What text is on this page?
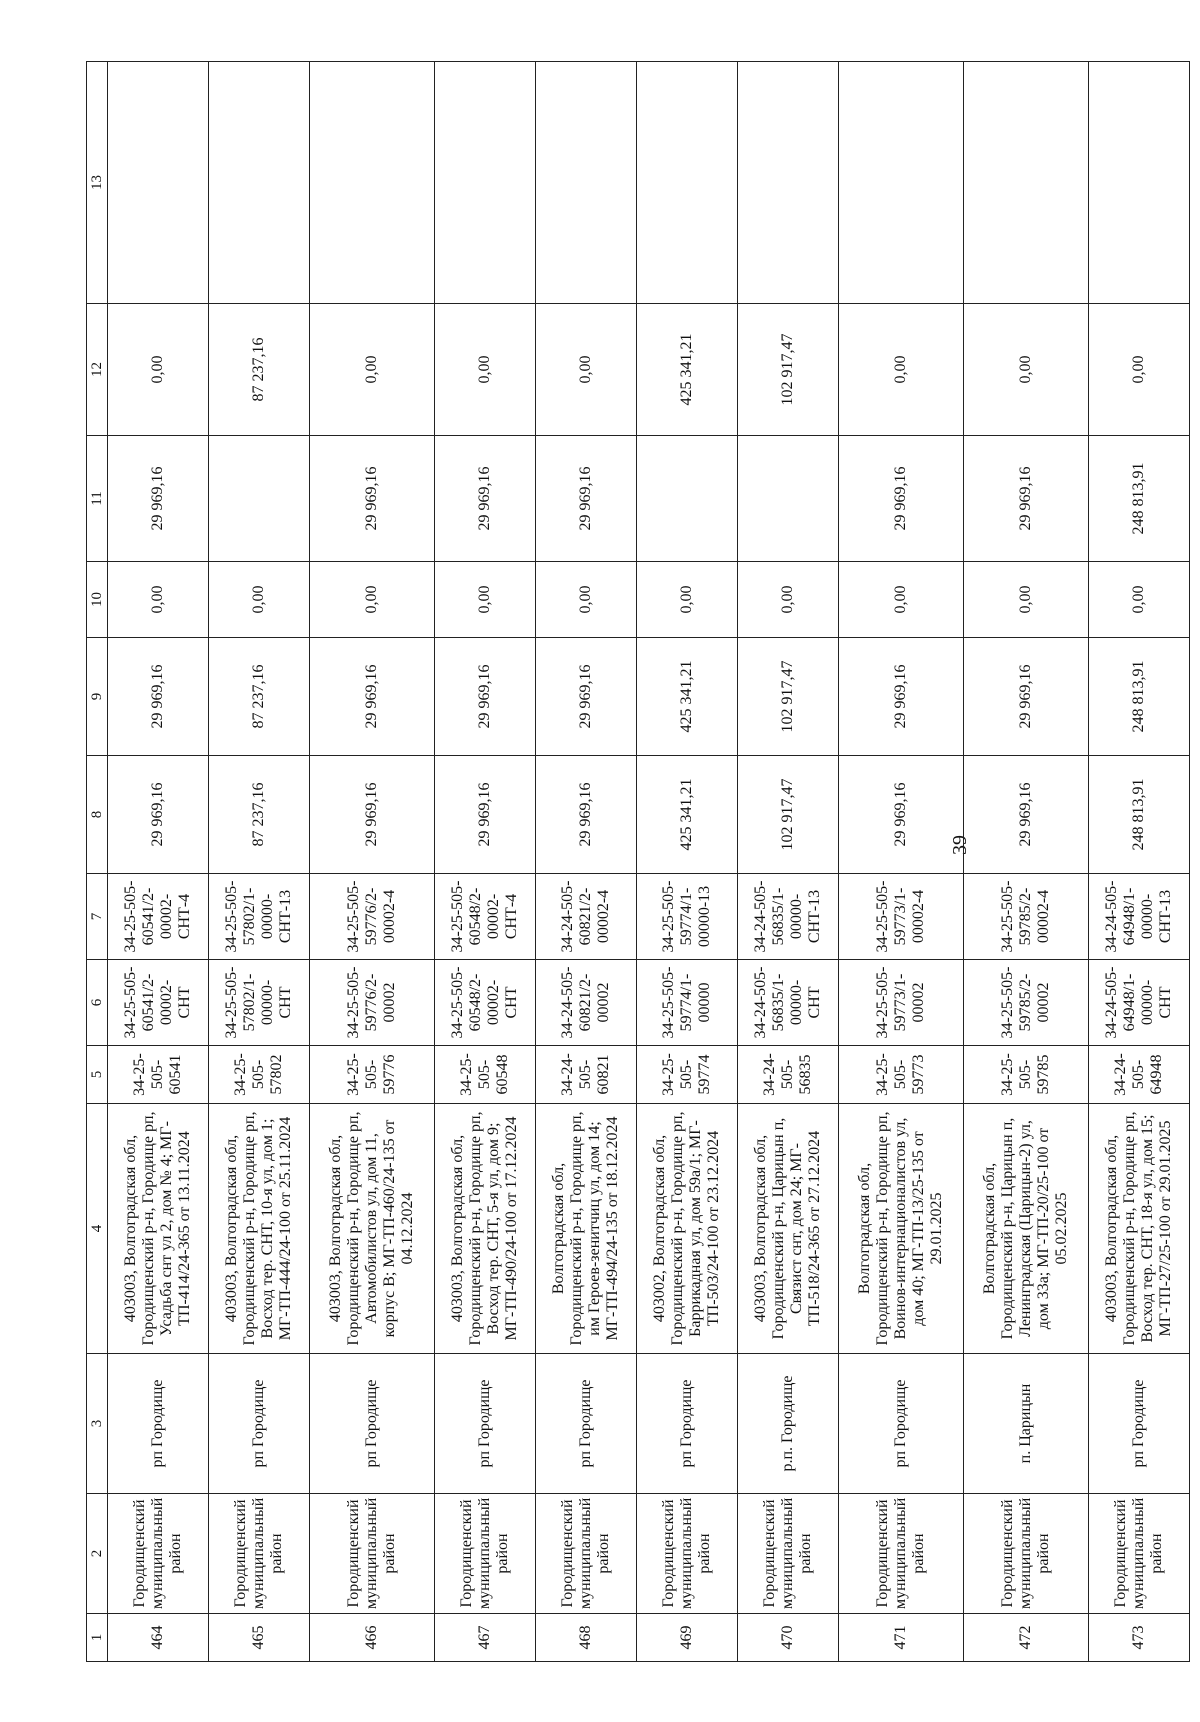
39
1	2	3	4	5	6	7	8	9	10	11	12	13
464	Городищенский муниципальный район	рп Городище	403003, Волгоградская обл, Городищенский р-н, Городище рп, Усадьба снт ул 2, дом № 4; МГ-ТП-414/24-365 от 13.11.2024	34-25-505-60541	34-25-505-60541/2-00002-СНТ	34-25-505-60541/2-00002-СНТ-4	29 969,16	29 969,16	0,00	29 969,16	0,00	
465	Городищенский муниципальный район	рп Городище	403003, Волгоградская обл, Городищенский р-н, Городище рп, Восход тер. СНТ, 10-я ул, дом 1; МГ-ТП-444/24-100 от 25.11.2024	34-25-505-57802	34-25-505-57802/1-00000-СНТ	34-25-505-57802/1-00000-СНТ-13	87 237,16	87 237,16	0,00		87 237,16	
466	Городищенский муниципальный район	рп Городище	403003, Волгоградская обл, Городищенский р-н, Городище рп, Автомобилистов ул, дом 11, корпус В; МГ-ТП-460/24-135 от 04.12.2024	34-25-505-59776	34-25-505-59776/2-00002	34-25-505-59776/2-00002-4	29 969,16	29 969,16	0,00	29 969,16	0,00	
467	Городищенский муниципальный район	рп Городище	403003, Волгоградская обл, Городищенский р-н, Городище рп, Восход тер. СНТ, 5-я ул, дом 9; МГ-ТП-490/24-100 от 17.12.2024	34-25-505-60548	34-25-505-60548/2-00002-СНТ	34-25-505-60548/2-00002-СНТ-4	29 969,16	29 969,16	0,00	29 969,16	0,00	
468	Городищенский муниципальный район	рп Городище	Волгоградская обл, Городищенский р-н, Городище рп, им Героев-зенитчиц ул, дом 14; МГ-ТП-494/24-135 от 18.12.2024	34-24-505-60821	34-24-505-60821/2-00002	34-24-505-60821/2-00002-4	29 969,16	29 969,16	0,00	29 969,16	0,00	
469	Городищенский муниципальный район	рп Городище	403002, Волгоградская обл, Городищенский р-н, Городище рп, Баррикадная ул, дом 59а/1; МГ-ТП-503/24-100 от 23.12.2024	34-25-505-59774	34-25-505-59774/1-00000	34-25-505-59774/1-00000-13	425 341,21	425 341,21	0,00		425 341,21	
470	Городищенский муниципальный район	р.п. Городище	403003, Волгоградская обл, Городищенский р-н, Царицын п, Связист снт, дом 24; МГ-ТП-518/24-365 от 27.12.2024	34-24-505-56835	34-24-505-56835/1-00000-СНТ	34-24-505-56835/1-00000-СНТ-13	102 917,47	102 917,47	0,00		102 917,47	
471	Городищенский муниципальный район	рп Городище	Волгоградская обл, Городищенский р-н, Городище рп, Воинов-интернационалистов ул, дом 40; МГ-ТП-13/25-135 от 29.01.2025	34-25-505-59773	34-25-505-59773/1-00002	34-25-505-59773/1-00002-4	29 969,16	29 969,16	0,00	29 969,16	0,00	
472	Городищенский муниципальный район	п. Царицын	Волгоградская обл, Городищенский р-н, Царицын п, Ленинградская (Царицын-2) ул, дом 33а; МГ-ТП-20/25-100 от 05.02.2025	34-25-505-59785	34-25-505-59785/2-00002	34-25-505-59785/2-00002-4	29 969,16	29 969,16	0,00	29 969,16	0,00	
473	Городищенский муниципальный район	рп Городище	403003, Волгоградская обл, Городищенский р-н, Городище рп, Восход тер. СНТ, 18-я ул, дом 15; МГ-ТП-27/25-100 от 29.01.2025	34-24-505-64948	34-24-505-64948/1-00000-СНТ	34-24-505-64948/1-00000-СНТ-13	248 813,91	248 813,91	0,00	248 813,91	0,00	
